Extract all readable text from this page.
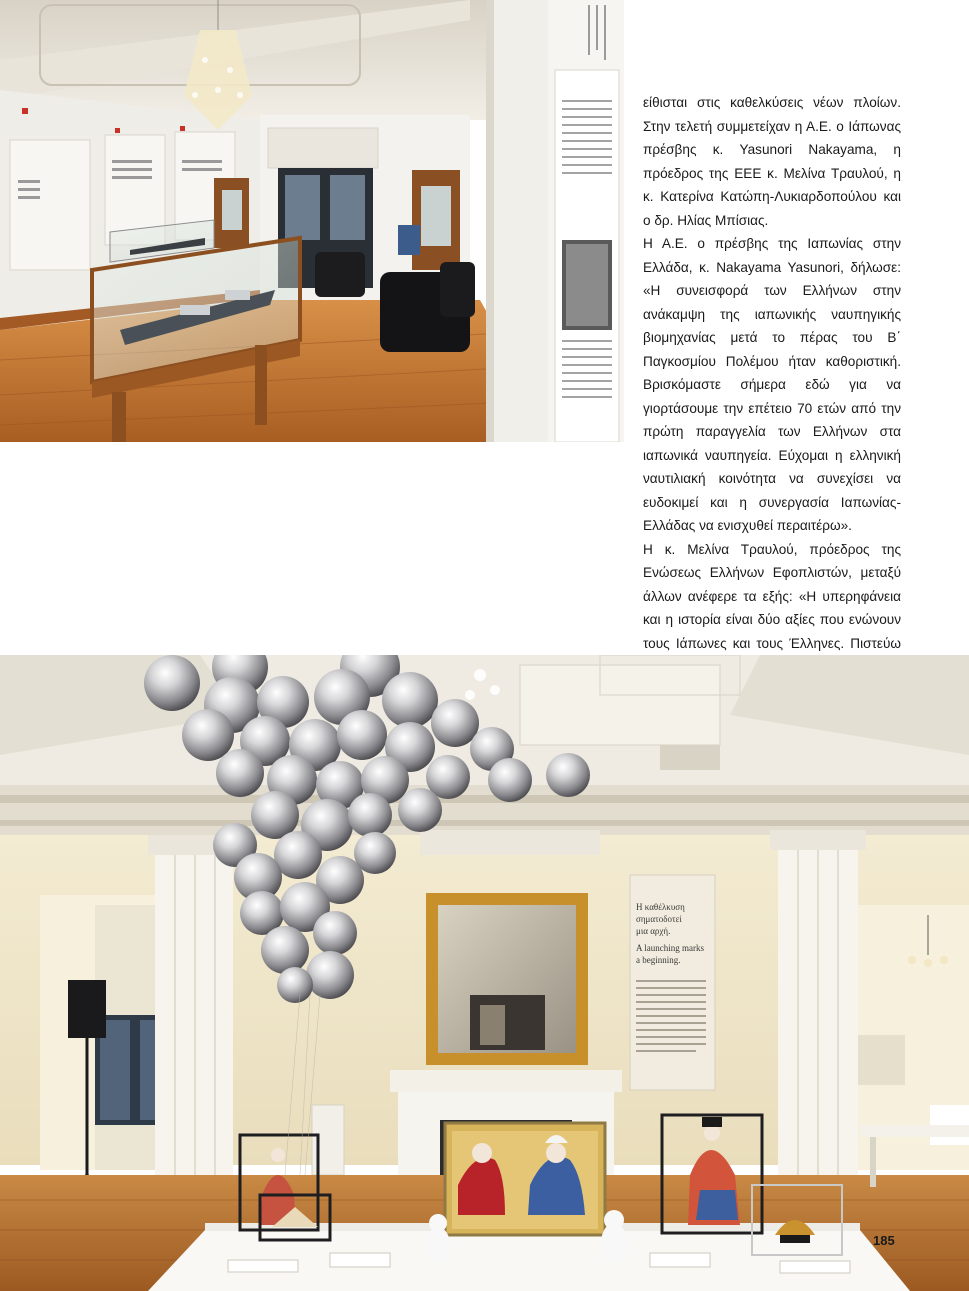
είθισται στις καθελκύσεις νέων πλοίων. Στην τελετή συμμετείχαν η Α.Ε. ο Ιάπωνας πρέσβης κ. Yasunori Nakayama, η πρόεδρος της ΕΕΕ κ. Μελίνα Τραυλού, η κ. Κατερίνα Κατώπη-Λυκιαρδοπούλου και ο δρ. Ηλίας Μπίσιας.

Η Α.Ε. ο πρέσβης της Ιαπωνίας στην Ελλάδα, κ. Nakayama Yasunori, δήλωσε: «Η συνεισφορά των Ελλήνων στην ανάκαμψη της ιαπωνικής ναυπηγικής βιομηχανίας μετά το πέρας του Β΄ Παγκοσμίου Πολέμου ήταν καθοριστική. Βρισκόμαστε σήμερα εδώ για να γιορτάσουμε την επέτειο 70 ετών από την πρώτη παραγγελία των Ελλήνων στα ιαπωνικά ναυπηγεία. Εύχομαι η ελληνική ναυτιλιακή κοινότητα να συνεχίσει να ευδοκιμεί και η συνεργασία Ιαπωνίας-Ελλάδας να ενισχυθεί περαιτέρω».

Η κ. Μελίνα Τραυλού, πρόεδρος της Ενώσεως Ελλήνων Εφοπλιστών, μεταξύ άλλων ανέφερε τα εξής: «Η υπερηφάνεια και η ιστορία είναι δύο αξίες που ενώνουν τους Ιάπωνες και τους Έλληνες. Πιστεύω

Η καθέλκυση
σηματοδοτεί
μια αρχή.
A launching marks
a beginning.
185
